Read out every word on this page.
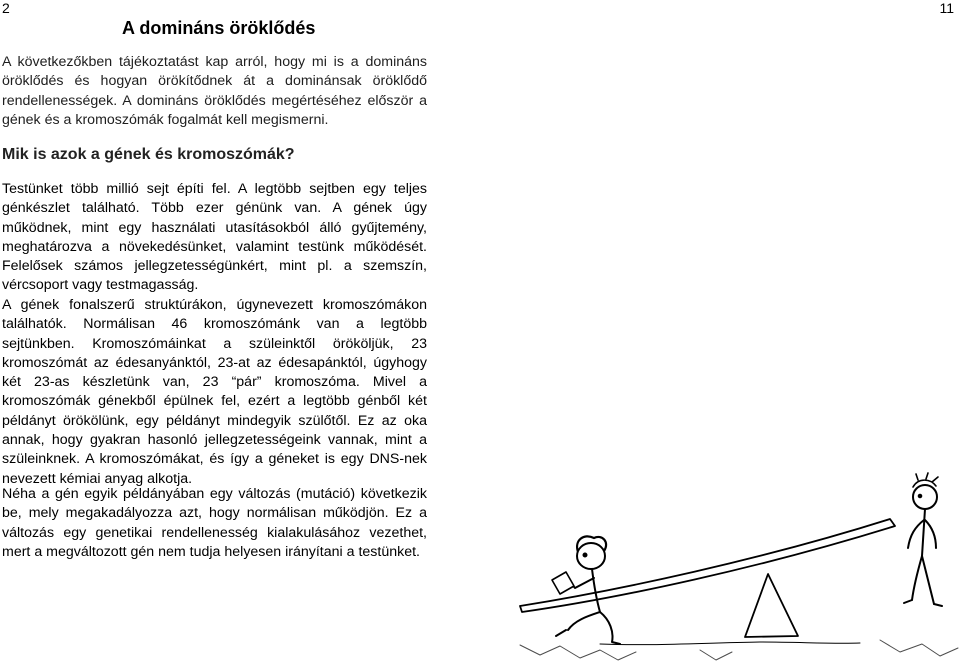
2	11
A domináns öröklődés
A következőkben tájékoztatást kap arról, hogy mi is a domináns öröklődés és hogyan örökítődnek át a dominánsak öröklődő rendellenességek. A domináns öröklődés megértéséhez először a gének és a kromoszómák fogalmát kell megismerni.
Mik is azok a gének és kromoszómák?
Testünket több millió sejt építi fel. A legtöbb sejtben egy teljes génkészlet található. Több ezer génünk van. A gének úgy működnek, mint egy használati utasításokból álló gyűjtemény, meghatározva a növekedésünket, valamint testünk működését. Felelősek számos jellegzetességünkért, mint pl. a szemszín, vércsoport vagy testmagasság.
A gének fonalszerű struktúrákon, úgynevezett kromoszómákon találhatók. Normálisan 46 kromoszómánk van a legtöbb sejtünkben. Kromoszómáinkat a szüleinktől örököljük, 23 kromoszómát az édesanyánktól, 23-at az édesapánktól, úgyhogy két 23-as készletünk van, 23 “pár” kromoszóma. Mivel a kromoszómák génekből épülnek fel, ezért a legtöbb génből két példányt örökölünk, egy példányt mindegyik szülőtől. Ez az oka annak, hogy gyakran hasonló jellegzetességeink vannak, mint a szüleinknek. A kromoszómákat, és így a géneket is egy DNS-nek nevezett kémiai anyag alkotja.
Néha a gén egyik példányában egy változás (mutáció) következik be, mely megakadályozza azt, hogy normálisan működjön. Ez a változás egy genetikai rendellenesség kialakulásához vezethet, mert a megváltozott gén nem tudja helyesen irányítani a testünket.
